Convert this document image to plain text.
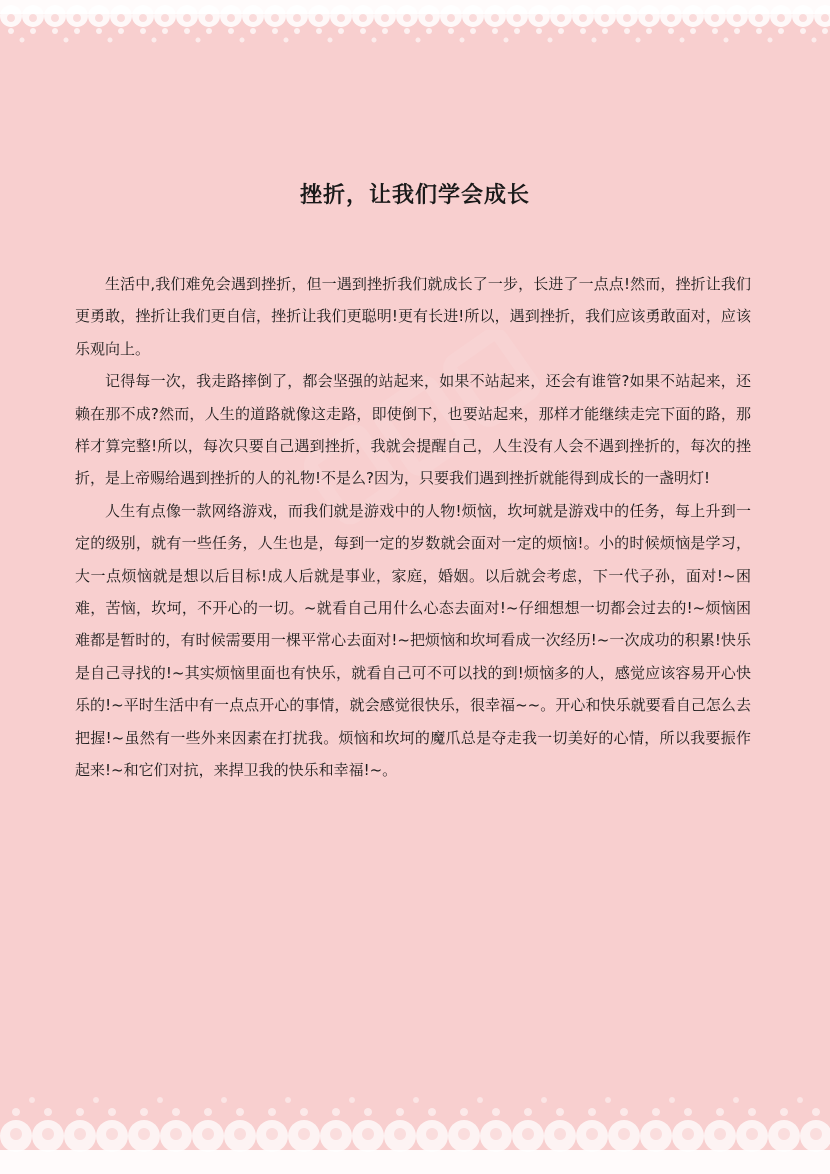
挫折，让我们学会成长

生活中,我们难免会遇到挫折，但一遇到挫折我们就成长了一步，长进了一点点!然而，挫折让我们更勇敢，挫折让我们更自信，挫折让我们更聪明!更有长进!所以，遇到挫折，我们应该勇敢面对，应该乐观向上。

记得每一次，我走路摔倒了，都会坚强的站起来，如果不站起来，还会有谁管?如果不站起来，还赖在那不成?然而，人生的道路就像这走路，即使倒下，也要站起来，那样才能继续走完下面的路，那样才算完整!所以，每次只要自己遇到挫折，我就会提醒自己，人生没有人会不遇到挫折的，每次的挫折，是上帝赐给遇到挫折的人的礼物!不是么?因为，只要我们遇到挫折就能得到成长的一盏明灯!

人生有点像一款网络游戏，而我们就是游戏中的人物!烦恼，坎坷就是游戏中的任务，每上升到一定的级别，就有一些任务，人生也是，每到一定的岁数就会面对一定的烦恼!。小的时候烦恼是学习，大一点烦恼就是想以后目标!成人后就是事业，家庭，婚姻。以后就会考虑，下一代子孙，面对!~困难，苦恼，坎坷，不开心的一切。~就看自己用什么心态去面对!~仔细想想一切都会过去的!~烦恼困难都是暂时的，有时候需要用一棵平常心去面对!~把烦恼和坎坷看成一次经历!~一次成功的积累!快乐是自己寻找的!~其实烦恼里面也有快乐，就看自己可不可以找的到!烦恼多的人，感觉应该容易开心快乐的!~平时生活中有一点点开心的事情，就会感觉很快乐，很幸福~~。开心和快乐就要看自己怎么去把握!~虽然有一些外来因素在打扰我。烦恼和坎坷的魔爪总是夺走我一切美好的心情，所以我要振作起来!~和它们对抗，来捍卫我的快乐和幸福!~。
